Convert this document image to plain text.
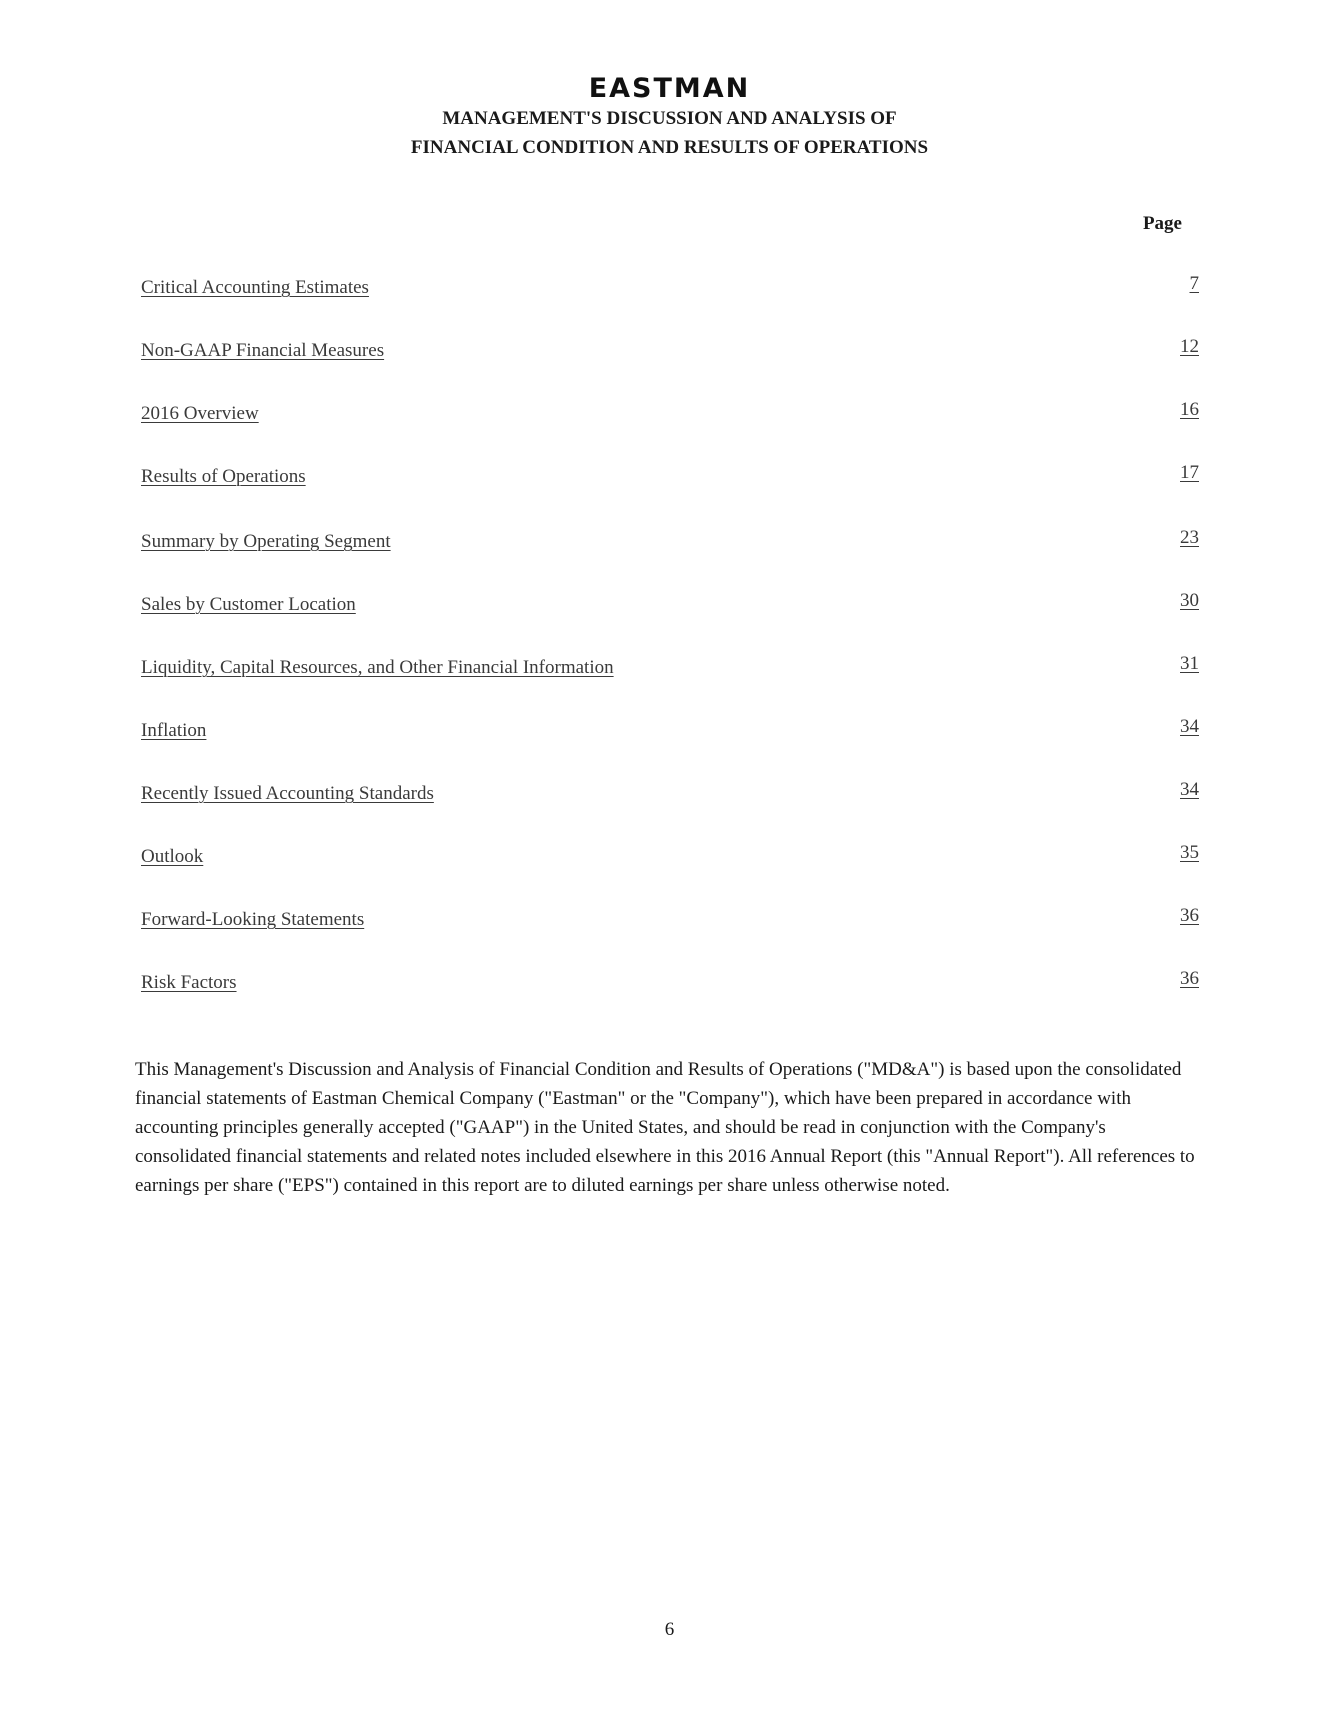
EASTMAN
MANAGEMENT'S DISCUSSION AND ANALYSIS OF
FINANCIAL CONDITION AND RESULTS OF OPERATIONS
Page
Critical Accounting Estimates	7
Non-GAAP Financial Measures	12
2016 Overview	16
Results of Operations	17
Summary by Operating Segment	23
Sales by Customer Location	30
Liquidity, Capital Resources, and Other Financial Information	31
Inflation	34
Recently Issued Accounting Standards	34
Outlook	35
Forward-Looking Statements	36
Risk Factors	36

This Management's Discussion and Analysis of Financial Condition and Results of Operations ("MD&A") is based upon the consolidated financial statements of Eastman Chemical Company ("Eastman" or the "Company"), which have been prepared in accordance with accounting principles generally accepted ("GAAP") in the United States, and should be read in conjunction with the Company's consolidated financial statements and related notes included elsewhere in this 2016 Annual Report (this "Annual Report"). All references to earnings per share ("EPS") contained in this report are to diluted earnings per share unless otherwise noted.

6
